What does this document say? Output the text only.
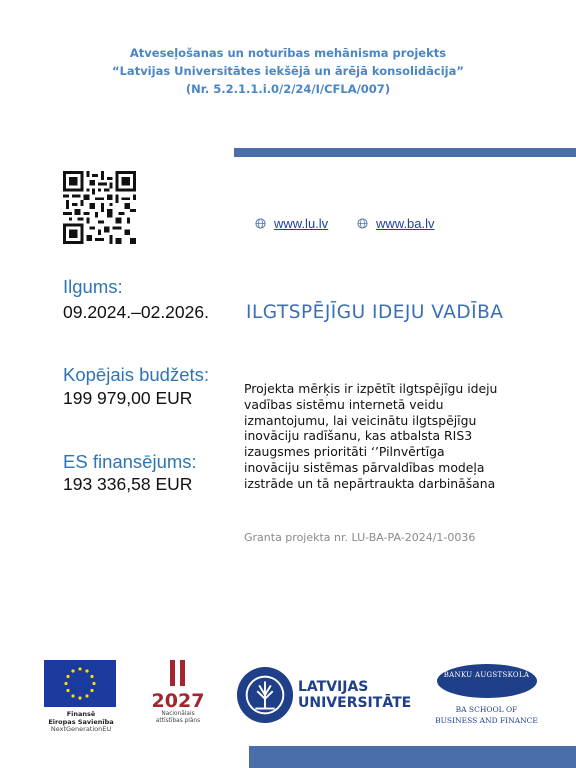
Atveseļošanas un noturības mehānisma projekts
“Latvijas Universitātes iekšējā un ārējā konsolidācija”
(Nr. 5.2.1.1.i.0/2/24/I/CFLA/007)
www.lu.lv	www.ba.lv
Ilgums:
09.2024.–02.2026.
Kopējais budžets:
199 979,00 EUR
ES finansējums:
193 336,58 EUR
ILGTSPĒJĪGU IDEJU VADĪBA
Projekta mērķis ir izpētīt ilgtspējīgu ideju
vadības sistēmu internetā veidu
izmantojumu, lai veicinātu ilgtspējīgu
inovāciju radīšanu, kas atbalsta RIS3
izaugsmes prioritāti ‘’Pilnvērtīga
inovāciju sistēmas pārvaldības modeļa
izstrāde un tā nepārtraukta darbināšana
Granta projekta nr. LU-BA-PA-2024/1-0036
Finansē
Eiropas Savienība
NextGenerationEU
2027
Nacionālais
attīstības plāns
LATVIJAS
UNIVERSITĀTE
BANKU AUGSTSKOLA
BA SCHOOL OF
BUSINESS AND FINANCE
